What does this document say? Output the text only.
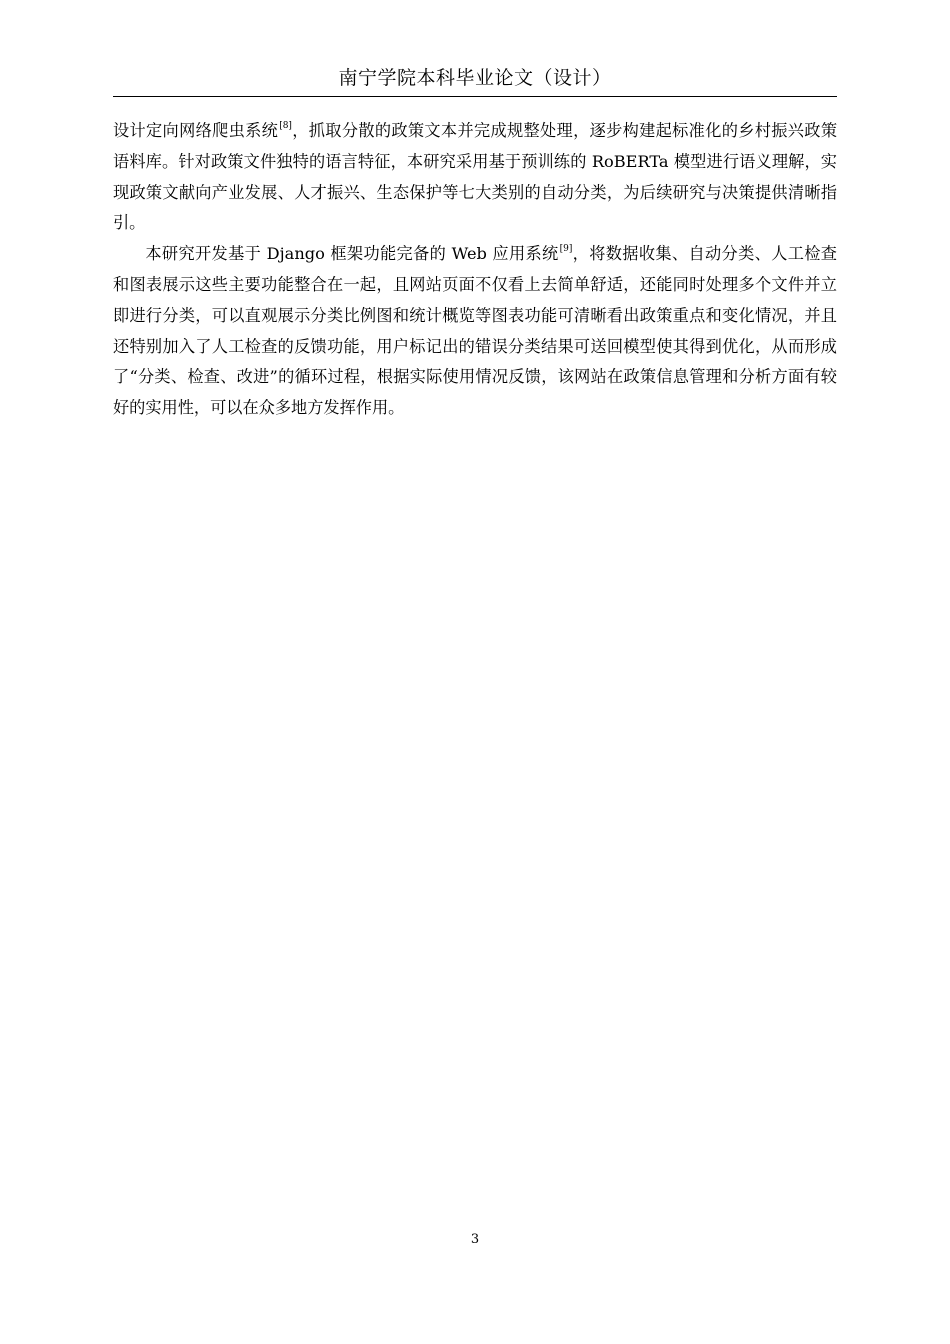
南宁学院本科毕业论文（设计）

设计定向网络爬虫系统[8]，抓取分散的政策文本并完成规整处理，逐步构建起标准化的乡村振兴政策语料库。针对政策文件独特的语言特征，本研究采用基于预训练的 RoBERTa 模型进行语义理解，实现政策文献向产业发展、人才振兴、生态保护等七大类别的自动分类，为后续研究与决策提供清晰指引。

本研究开发基于 Django 框架功能完备的 Web 应用系统[9]，将数据收集、自动分类、人工检查和图表展示这些主要功能整合在一起，且网站页面不仅看上去简单舒适，还能同时处理多个文件并立即进行分类，可以直观展示分类比例图和统计概览等图表功能可清晰看出政策重点和变化情况，并且还特别加入了人工检查的反馈功能，用户标记出的错误分类结果可送回模型使其得到优化，从而形成了“分类、检查、改进”的循环过程，根据实际使用情况反馈，该网站在政策信息管理和分析方面有较好的实用性，可以在众多地方发挥作用。

3
